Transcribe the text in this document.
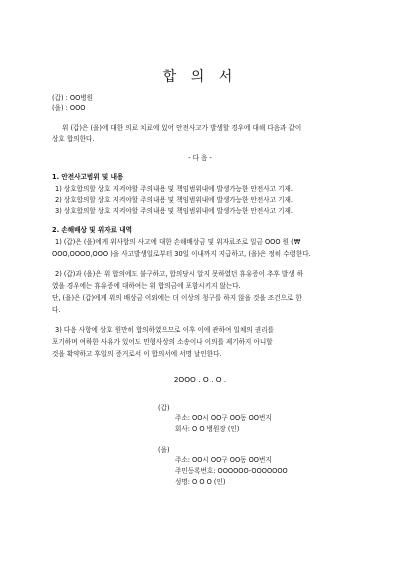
합 의 서
(갑) : OO병원
(을) : OOO
위 (갑)은 (을)에 대한 의료 치료에 있어 안전사고가 발생할 경우에 대해 다음과 같이
상호 합의한다.
- 다 음 -
1. 안전사고범위 및 내용
1) 상호합의할 상호 지켜야할 주의내용 및 책임범위내에 발생가능한 안전사고 기재.
2) 상호합의할 상호 지켜야할 주의내용 및 책임범위내에 발생가능한 안전사고 기재.
3) 상호합의할 상호 지켜야할 주의내용 및 책임범위내에 발생가능한 안전사고 기재.
2. 손해배상 및 위자료 내역
1) (갑)은 (을)에게 위사항의 사고에 대한 손해배상금 및 위자료조로 일금 OOO 원 (₩
OOO,OOOO,OOO )을 사고발생일로부터 30일 이내까지 지급하고, (을)은 정히 수령한다.
2) (갑)과 (을)은 위 합의에도 불구하고, 합의당시 알지 못하였던 휴유증이 추후 발생 하
였을 경우에는 휴유증에 대하여는 위 합의금에 포함시키지 않는다.
단, (을)은 (갑)에게 위의 배상금 이외에는 더 이상의 청구를 하지 않을 것을 조건으로 한
다.
3) 다음 사항에 상호 원만히 합의하였으므로 이후 이에 관하여 일체의 권리를
포기하며 여하한 사유가 있어도 민형사상의 소송이나 이의를 제기하지 아니할
것을 확약하고 후일의 증거로서 이 합의서에 서명 날인한다.
2OOO . O . O .
(갑)
주소: OO시 OO구 OO동 OO번지
회사: O O 병원장 (인)
(을)
주소: OO시 OO구 OO동 OO번지
주민등록번호: OOOOOO-OOOOOOO
성명: O O O (인)
